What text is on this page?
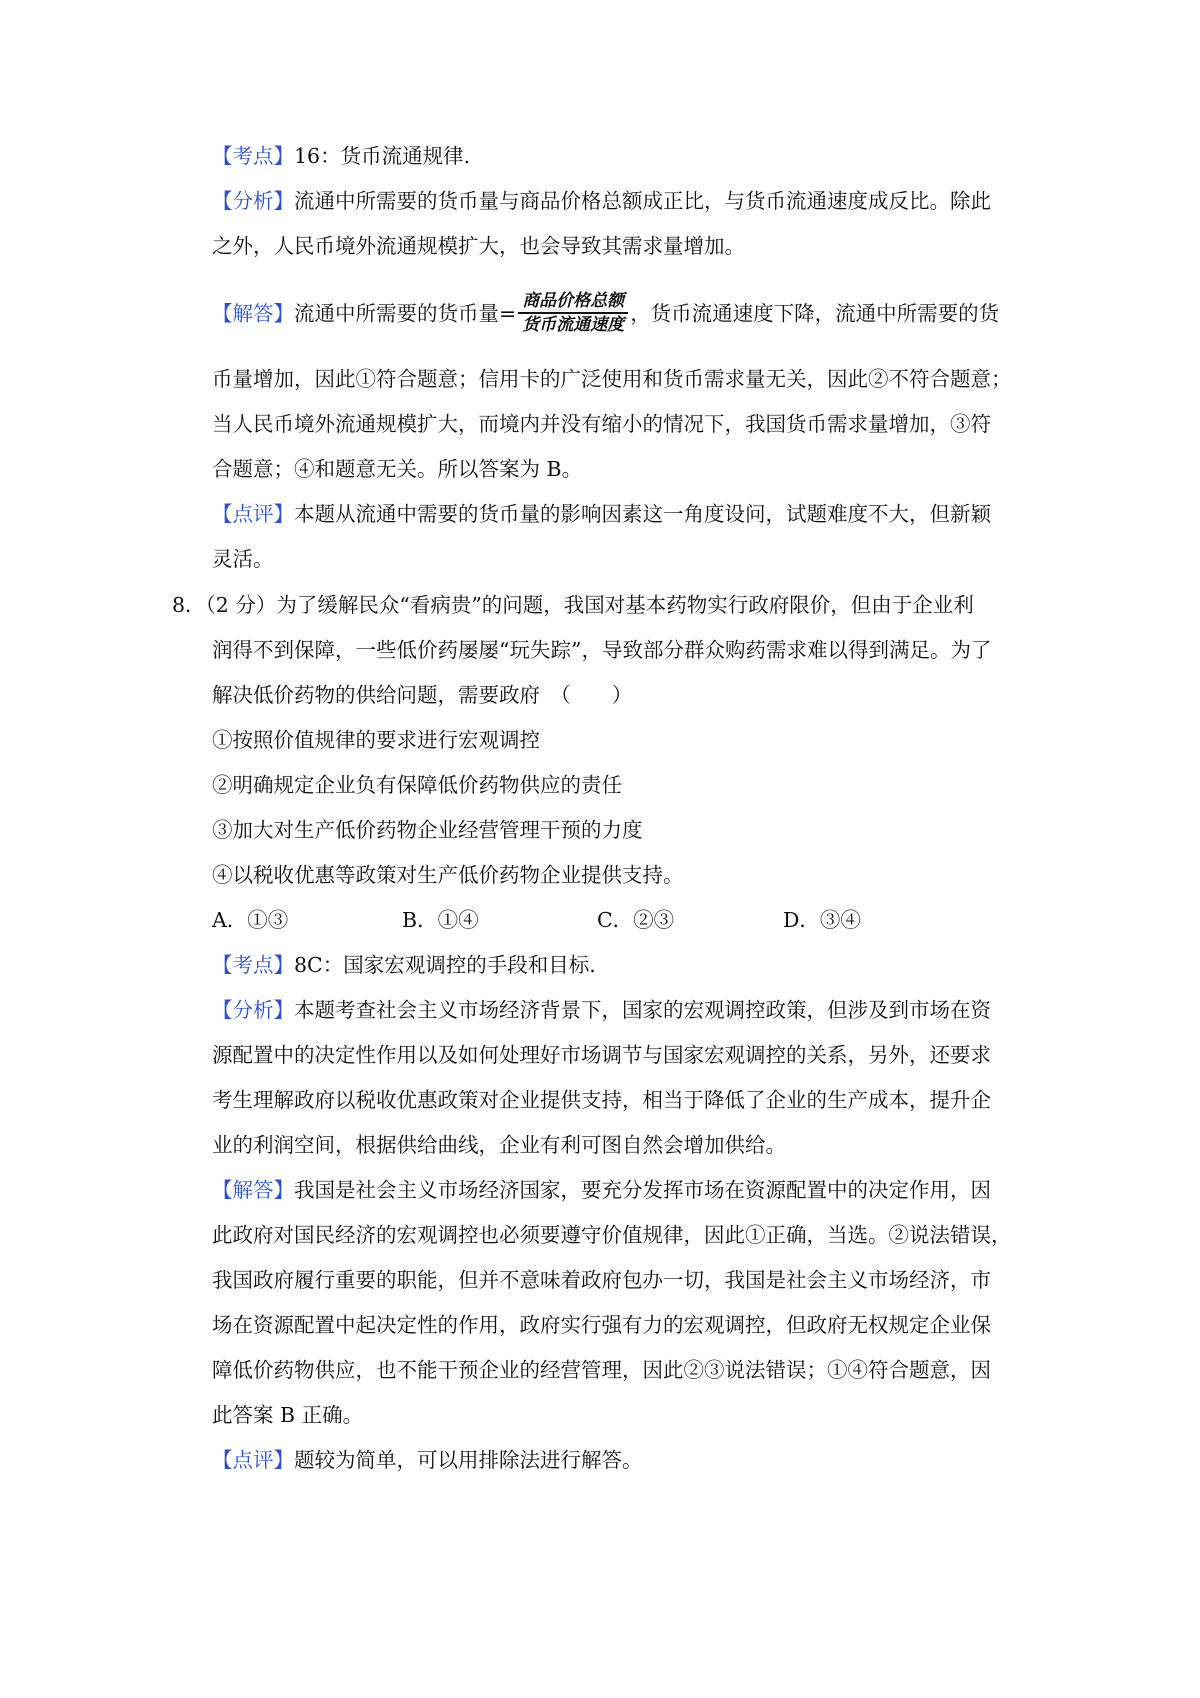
【考点】16：货币流通规律.
【分析】流通中所需要的货币量与商品价格总额成正比，与货币流通速度成反比。除此
之外，人民币境外流通规模扩大，也会导致其需求量增加。
【解答】流通中所需要的货币量= $\frac{\text{商品价格总额}}{\text{货币流通速度}}$ ，货币流通速度下降，流通中所需要的货
币量增加，因此①符合题意；信用卡的广泛使用和货币需求量无关，因此②不符合题意；
当人民币境外流通规模扩大，而境内并没有缩小的情况下，我国货币需求量增加，③符
合题意；④和题意无关。所以答案为 B。
【点评】本题从流通中需要的货币量的影响因素这一角度设问，试题难度不大，但新颖
灵活。
8．（2 分）为了缓解民众“看病贵”的问题，我国对基本药物实行政府限价，但由于企业利
润得不到保障，一些低价药屡屡“玩失踪”，导致部分群众购药需求难以得到满足。为了
解决低价药物的供给问题，需要政府　（　　）
①按照价值规律的要求进行宏观调控
②明确规定企业负有保障低价药物供应的责任
③加大对生产低价药物企业经营管理干预的力度
④以税收优惠等政策对生产低价药物企业提供支持。
A．①③	B．①④	C．②③	D．③④
【考点】8C：国家宏观调控的手段和目标.
【分析】本题考查社会主义市场经济背景下，国家的宏观调控政策，但涉及到市场在资
源配置中的决定性作用以及如何处理好市场调节与国家宏观调控的关系，另外，还要求
考生理解政府以税收优惠政策对企业提供支持，相当于降低了企业的生产成本，提升企
业的利润空间，根据供给曲线，企业有利可图自然会增加供给。
【解答】我国是社会主义市场经济国家，要充分发挥市场在资源配置中的决定作用，因
此政府对国民经济的宏观调控也必须要遵守价值规律，因此①正确，当选。②说法错误，
我国政府履行重要的职能，但并不意味着政府包办一切，我国是社会主义市场经济，市
场在资源配置中起决定性的作用，政府实行强有力的宏观调控，但政府无权规定企业保
障低价药物供应，也不能干预企业的经营管理，因此②③说法错误；①④符合题意，因
此答案 B 正确。
【点评】题较为简单，可以用排除法进行解答。
